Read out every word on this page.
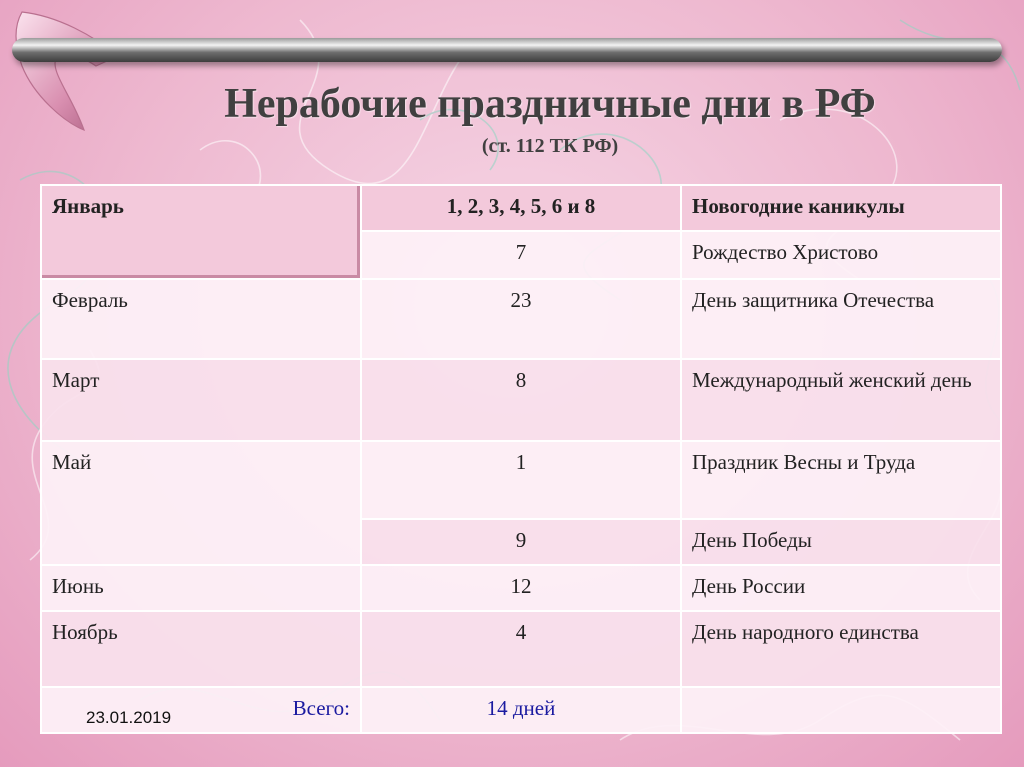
Нерабочие праздничные дни в РФ
(ст. 112 ТК РФ)
Январь	1, 2, 3, 4, 5, 6 и 8	Новогодние каникулы
	7	Рождество Христово
Февраль	23	День защитника Отечества
Март	8	Международный женский день
Май	1	Праздник Весны и Труда
	9	День Победы
Июнь	12	День России
Ноябрь	4	День народного единства
Всего:	14 дней	
23.01.2019
